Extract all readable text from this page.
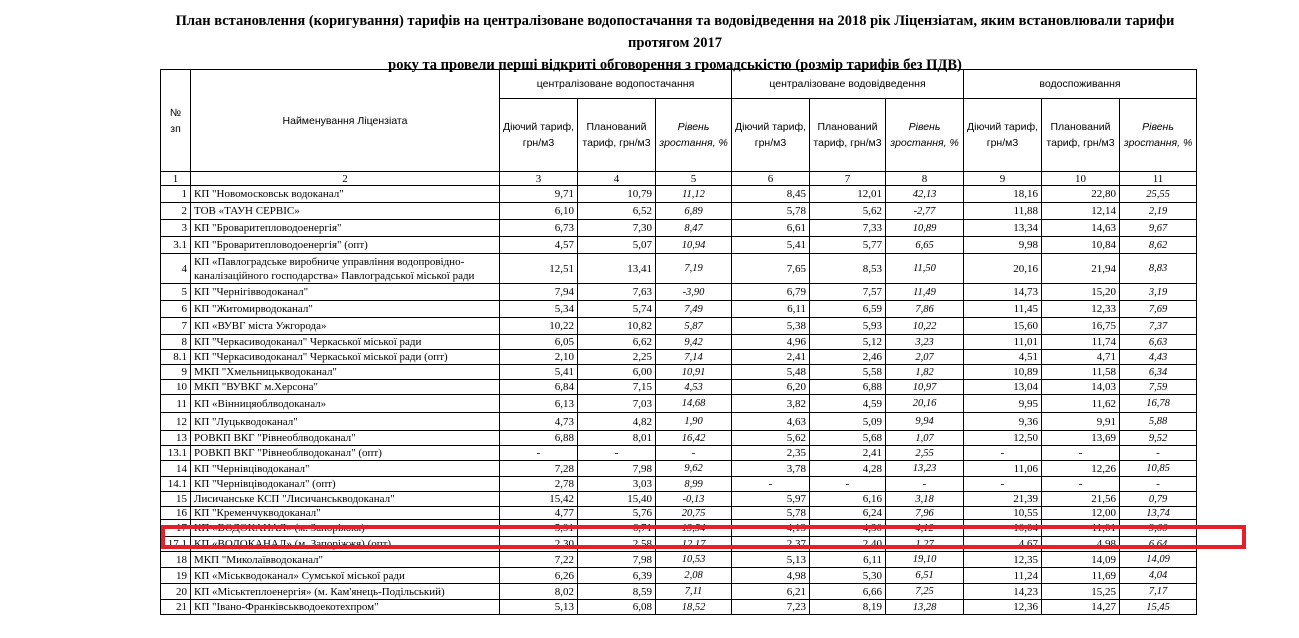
План встановлення (коригування) тарифів на централізоване водопостачання та водовідведення на 2018 рік Ліцензіатам, яким встановлювали тарифи протягом 2017
року та провели перші відкриті обговорення з громадськістю (розмір тарифів без ПДВ)
№ зп	Найменування Ліцензіата	централізоване водопостачання			централізоване водовідведення			водоспоживання		
		Діючий тариф, грн/м3	Планований тариф, грн/м3	Рівень зростання, %	Діючий тариф, грн/м3	Планований тариф, грн/м3	Рівень зростання, %	Діючий тариф, грн/м3	Планований тариф, грн/м3	Рівень зростання, %
1	2	3	4	5	6	7	8	9	10	11
1	КП "Новомосковськ водоканал"	9,71	10,79	11,12	8,45	12,01	42,13	18,16	22,80	25,55
2	ТОВ «ТАУН СЕРВІС»	6,10	6,52	6,89	5,78	5,62	-2,77	11,88	12,14	2,19
3	КП "Броваритепловодоенергія"	6,73	7,30	8,47	6,61	7,33	10,89	13,34	14,63	9,67
3.1	КП "Броваритепловодоенергія" (опт)	4,57	5,07	10,94	5,41	5,77	6,65	9,98	10,84	8,62
4	КП «Павлоградське виробниче управління водопровідно-каналізаційного господарства» Павлоградської міської ради	12,51	13,41	7,19	7,65	8,53	11,50	20,16	21,94	8,83
5	КП "Чернігівводоканал"	7,94	7,63	-3,90	6,79	7,57	11,49	14,73	15,20	3,19
6	КП "Житомирводоканал"	5,34	5,74	7,49	6,11	6,59	7,86	11,45	12,33	7,69
7	КП «ВУВГ міста Ужгорода»	10,22	10,82	5,87	5,38	5,93	10,22	15,60	16,75	7,37
8	КП "Черкасиводоканал" Черкаської міської ради	6,05	6,62	9,42	4,96	5,12	3,23	11,01	11,74	6,63
8.1	КП "Черкасиводоканал" Черкаської міської ради (опт)	2,10	2,25	7,14	2,41	2,46	2,07	4,51	4,71	4,43
9	МКП "Хмельницькводоканал"	5,41	6,00	10,91	5,48	5,58	1,82	10,89	11,58	6,34
10	МКП "ВУВКГ м.Херсона"	6,84	7,15	4,53	6,20	6,88	10,97	13,04	14,03	7,59
11	КП «Вінницяоблводоканал»	6,13	7,03	14,68	3,82	4,59	20,16	9,95	11,62	16,78
12	КП "Луцькводоканал"	4,73	4,82	1,90	4,63	5,09	9,94	9,36	9,91	5,88
13	РОВКП ВКГ "Рівнеоблводоканал"	6,88	8,01	16,42	5,62	5,68	1,07	12,50	13,69	9,52
13.1	РОВКП ВКГ "Рівнеоблводоканал" (опт)	-	-	-	2,35	2,41	2,55	-	-	-
14	КП "Чернівціводоканал"	7,28	7,98	9,62	3,78	4,28	13,23	11,06	12,26	10,85
14.1	КП "Чернівціводоканал" (опт)	2,78	3,03	8,99	-	-	-	-	-	-
15	Лисичанське КСП "Лисичанськводоканал"	15,42	15,40	-0,13	5,97	6,16	3,18	21,39	21,56	0,79
16	КП "Кременчукводоканал"	4,77	5,76	20,75	5,78	6,24	7,96	10,55	12,00	13,74
17	КП «ВОДОКАНАЛ» (м. Запоріжжя)	5,91	6,71	13,54	4,13	4,30	4,12	10,04	11,01	9,66
17.1	КП «ВОДОКАНАЛ» (м. Запоріжжя) (опт)	2,30	2,58	12,17	2,37	2,40	1,27	4,67	4,98	6,64
18	МКП "Миколаївводоканал"	7,22	7,98	10,53	5,13	6,11	19,10	12,35	14,09	14,09
19	КП «Міськводоканал» Сумської міської ради	6,26	6,39	2,08	4,98	5,30	6,51	11,24	11,69	4,04
20	КП «Міськтеплоенергія» (м. Кам'янець-Подільський)	8,02	8,59	7,11	6,21	6,66	7,25	14,23	15,25	7,17
21	КП "Івано-Франківськводоекотехпром"	5,13	6,08	18,52	7,23	8,19	13,28	12,36	14,27	15,45
